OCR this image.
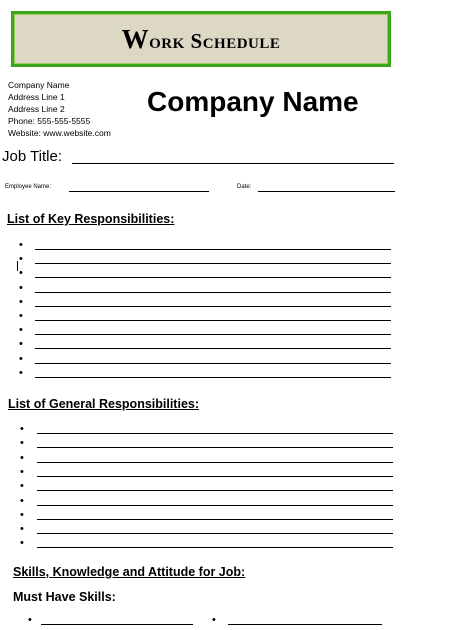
Work Schedule
Company Name
Address Line 1
Address Line 2
Phone: 555-555-5555
Website: www.website.com
Company Name
Job Title:
Employee Name:	Date:
List of Key Responsibilities:
•
•
•
•
•
•
•
•
•
•
List of General Responsibilities:
•
•
•
•
•
•
•
•
•
Skills, Knowledge and Attitude for Job:
Must Have Skills:
•	•
